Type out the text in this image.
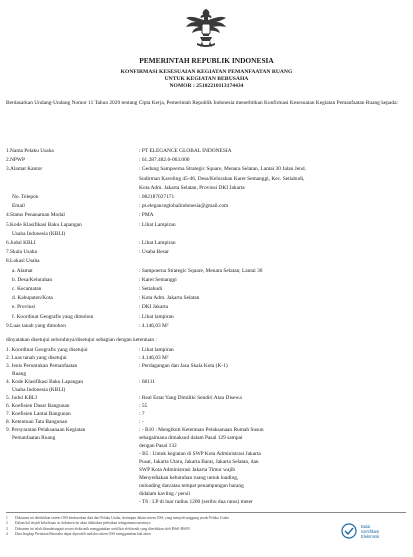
PEMERINTAH REPUBLIK INDONESIA
KONFIRMASI KESESUAIAN KEGIATAN PEMANFAATAN RUANG
UNTUK KEGIATAN BERUSAHA
NOMOR : 25102210113174434
Berdasarkan Undang-Undang Nomor 11 Tahun 2020 tentang Cipta Kerja, Pemerintah Republik Indonesia menerbitkan Konfirmasi Kesesuaian Kegiatan Pemanfaatan Ruang kepada:
1.Nama Pelaku Usaha	: PT ELEGANCE GLOBAL INDONESIA
2.NPWP	: 61.287.482.6-063.000
3.Alamat Kantor	: Gedung Sampoerna Strategic Square, Menara Selatan, Lantai 30 Jalan Jend.
Sudirman Kaveling 45-46, Desa/Kelurahan Karet Semanggi, Kec. Setiabudi,
Kota Adm. Jakarta Selatan, Provinsi DKI Jakarta
No. Telepon	: 082187027171
Email	: pt.eleganceglobalindonesia@gmail.com
4.Status Penanaman Modal	: PMA
5.Kode Klasifikasi Baku Lapangan	: Lihat Lampiran
Usaha Indonesia (KBLI)
6.Judul KBLI	: Lihat Lampiran
7.Skala Usaha	: Usaha Besar
8.Lokasi Usaha
a. Alamat	: Sampoerna Strategic Square, Menara Selatan, Lantai 30
b. Desa/Kelurahan	: Karet Semanggi
c. Kecamatan	: Setiabudi
d. Kabupaten/Kota	: Kota Adm. Jakarta Selatan
e. Provinsi	: DKI Jakarta
f. Koordinat Geografis yang dimohon	: Lihat lampiran
9.Luas tanah yang dimohon	: 4.146,03 M²
dinyatakan disetujui seluruhnya/disetujui sebagian dengan ketentuan :
1. Koordinat Geografis yang disetujui	: Lihat lampiran
2. Luas tanah yang disetujui	: 4.146,03 M²
3. Jenis Peruntukan Pemanfaatan	: Perdagangan dan Jasa Skala Kota (K-1)
Ruang
4. Kode Klasifikasi Baku Lapangan	: 68111
Usaha Indonesia (KBLI)
5. Judul KBLI	: Real Estat Yang Dimiliki Sendiri Atau Disewa
6. Koefisien Dasar Bangunan	: 55
7. Koefisien Lantai Bangunan	: 7
8. Ketentuan Tata Bangunan	: -
9. Persyaratan Pelaksanaan Kegiatan	: - B10 : Mengikuti Ketentuan Pelaksanaan Rumah Susun
Pemanfaatan Ruang	sebagaimana dimaksud dalam Pasal 129 sampai
dengan Pasal 132
- B5 : Untuk kegiatan di SWP Kota Administrasi Jakarta
Pusat, Jakarta Utara, Jakarta Barat, Jakarta Selatan, dan
SWP Kota Administrasi Jakarta Timur wajib
Menyediakan kebutuhan ruang untuk loading,
unloading dan/atau tempat penampungan barang
didalam kavling / persil
- T6 : LP di luar radius 1200 (seribu dua ratus) meter
1	Dokumen ini diterbitkan sistem OSS berdasarkan data dari Pelaku Usaha, tersimpan dalam sistem OSS, yang menjadi tanggung jawab Pelaku Usaha
2	Dalam hal terjadi kekeliruan isi dokumen ini akan dilakukan perbaikan sebagaimana mestinya
3	Dokumen ini telah ditandatangani secara elektronik menggunakan sertifikat elektronik yang diterbitkan oleh BSrE-BSSN
4	Data lengkap Perizinan Berusaha dapat diperoleh melalui sistem OSS menggunakan hak akses
Balai
Sertifikasi
Elektronik
